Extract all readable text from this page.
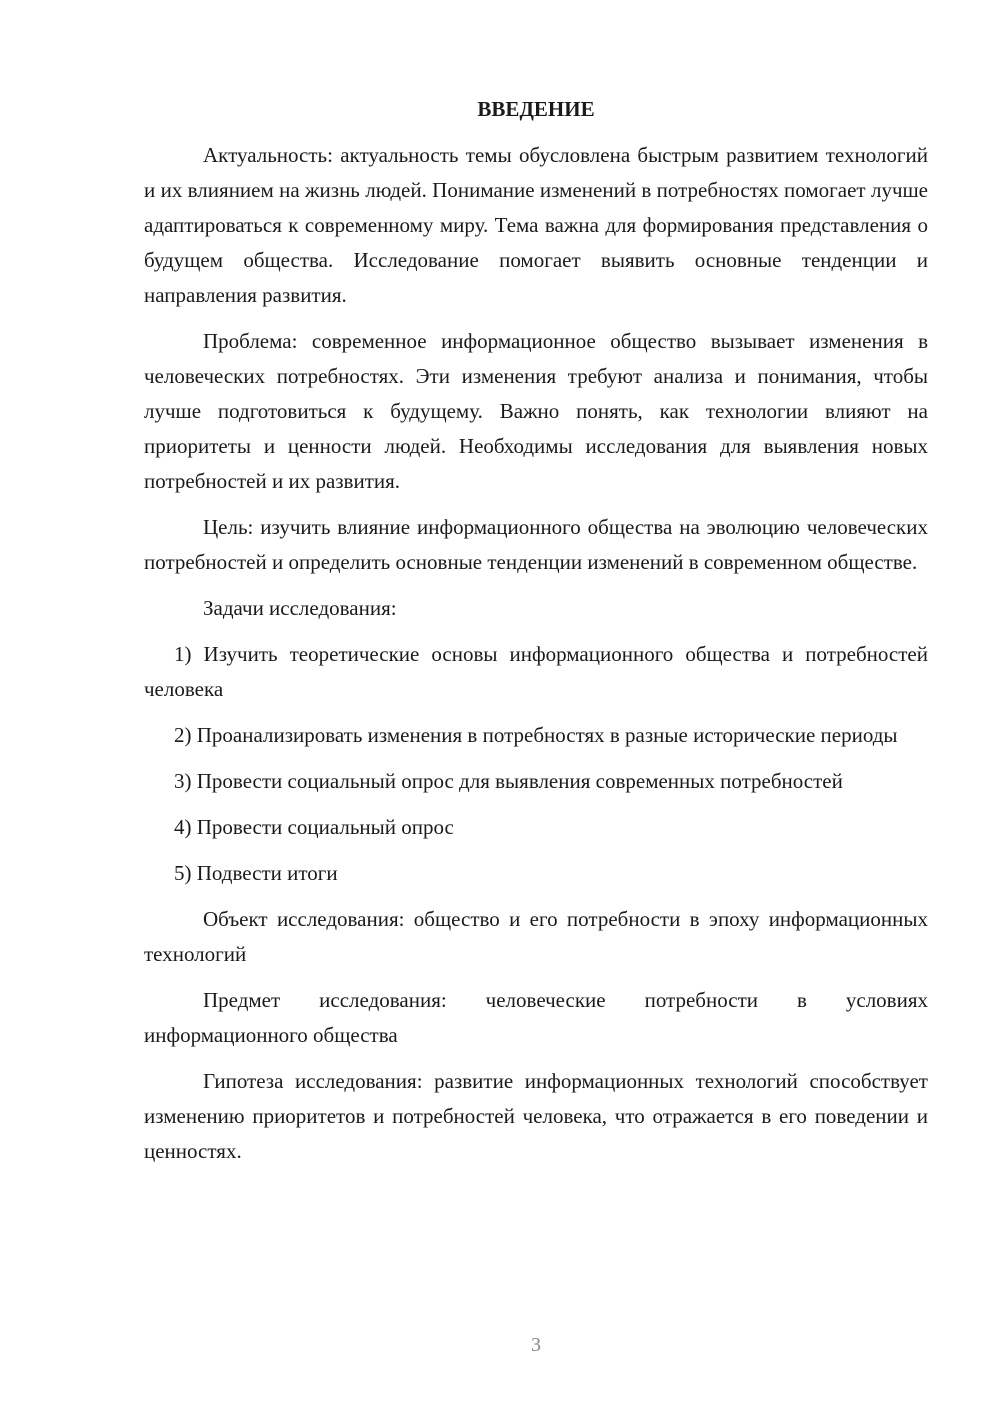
ВВЕДЕНИЕ

Актуальность: актуальность темы обусловлена быстрым развитием технологий и их влиянием на жизнь людей. Понимание изменений в потребностях помогает лучше адаптироваться к современному миру. Тема важна для формирования представления о будущем общества. Исследование помогает выявить основные тенденции и направления развития.

Проблема: современное информационное общество вызывает изменения в человеческих потребностях. Эти изменения требуют анализа и понимания, чтобы лучше подготовиться к будущему. Важно понять, как технологии влияют на приоритеты и ценности людей. Необходимы исследования для выявления новых потребностей и их развития.

Цель: изучить влияние информационного общества на эволюцию человеческих потребностей и определить основные тенденции изменений в современном обществе.

Задачи исследования:

1) Изучить теоретические основы информационного общества и потребностей человека

2) Проанализировать изменения в потребностях в разные исторические периоды

3) Провести социальный опрос для выявления современных потребностей

4) Провести социальный опрос

5) Подвести итоги

Объект исследования: общество и его потребности в эпоху информационных технологий

Предмет исследования: человеческие потребности в условиях информационного общества

Гипотеза исследования: развитие информационных технологий способствует изменению приоритетов и потребностей человека, что отражается в его поведении и ценностях.

3
